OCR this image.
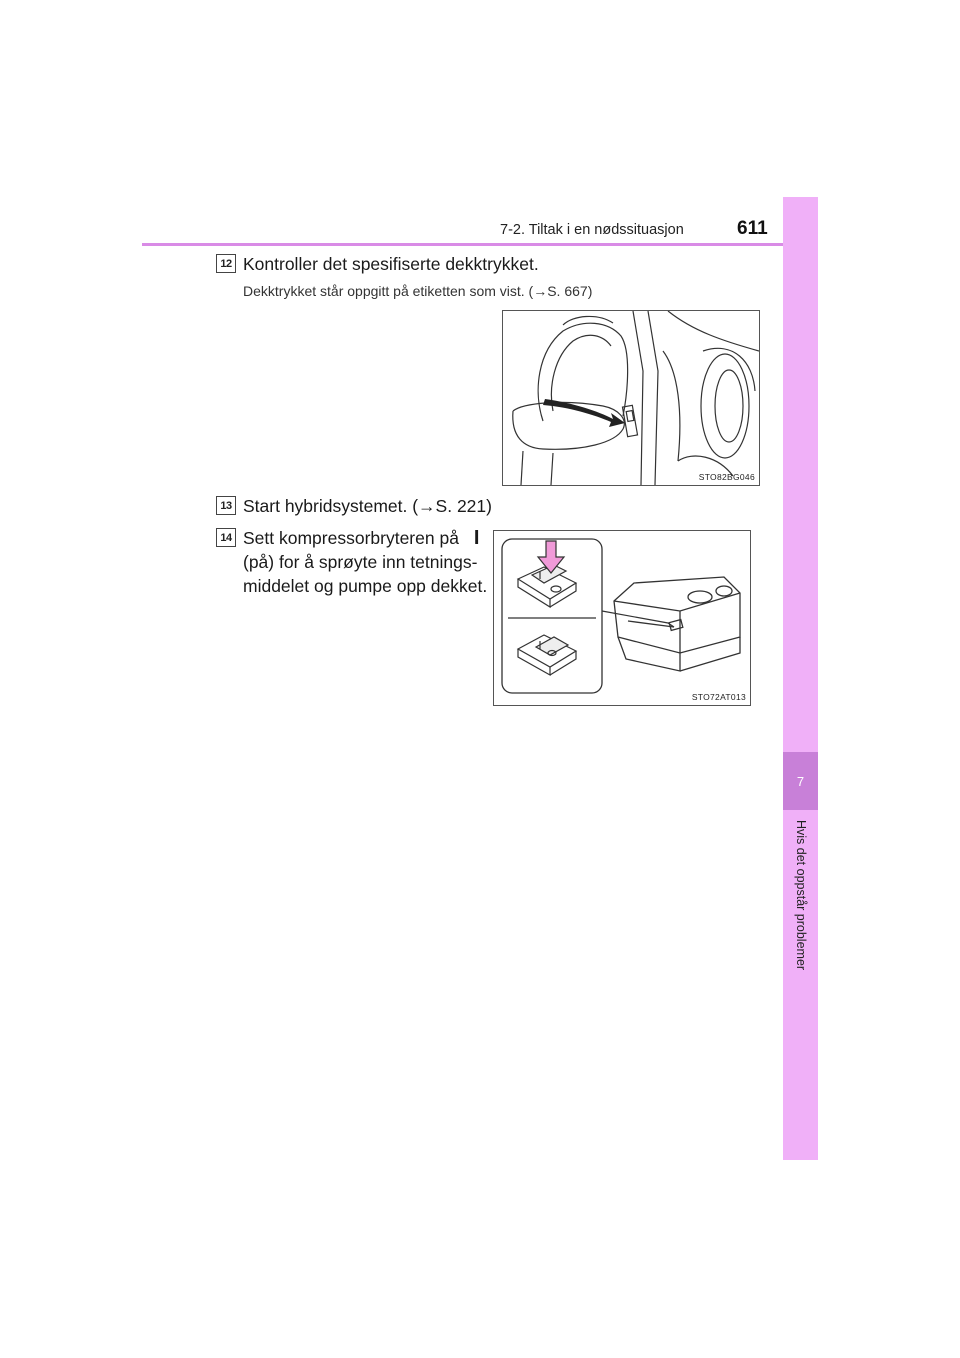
7-2. Tiltak i en nødssituasjon	611
7
Hvis det oppstår problemer
12 Kontroller det spesifiserte dekktrykket.
Dekktrykket står oppgitt på etiketten som vist. (→S. 667)
STO82BG046
13 Start hybridsystemet. (→S. 221)
14 Sett kompressorbryteren på I
(på) for å sprøyte inn tetnings-
middelet og pumpe opp dekket.
STO72AT013
